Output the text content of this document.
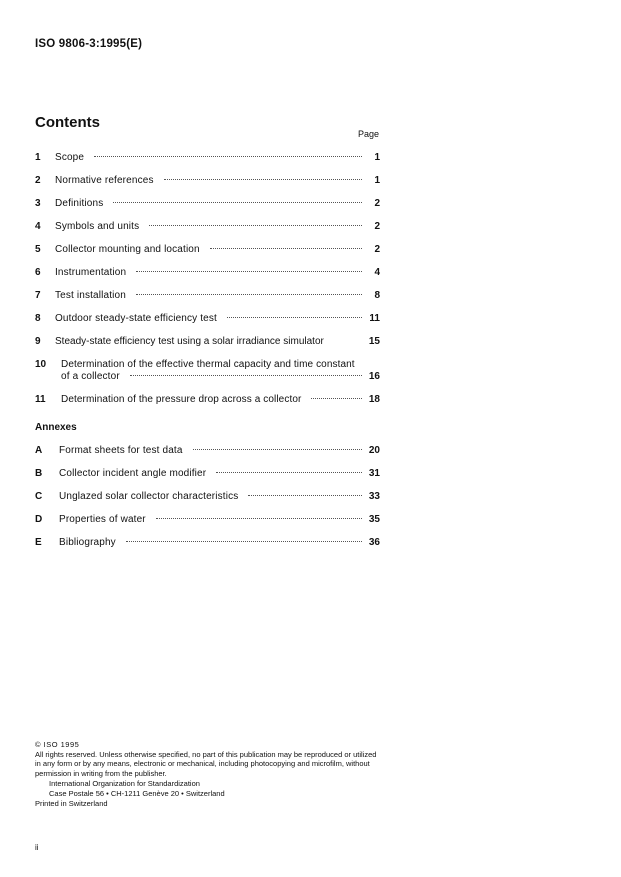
ISO 9806-3:1995(E)
Contents
Page
1	Scope	1
2	Normative references	1
3	Definitions	2
4	Symbols and units	2
5	Collector mounting and location	2
6	Instrumentation	4
7	Test installation	8
8	Outdoor steady-state efficiency test	11
9	Steady-state efficiency test using a solar irradiance simulator	15
10	Determination of the effective thermal capacity and time constant
of a collector	16
11	Determination of the pressure drop across a collector	18
Annexes
A	Format sheets for test data	20
B	Collector incident angle modifier	31
C	Unglazed solar collector characteristics	33
D	Properties of water	35
E	Bibliography	36
© ISO 1995
All rights reserved. Unless otherwise specified, no part of this publication may be reproduced or utilized in any form or by any means, electronic or mechanical, including photocopying and microfilm, without permission in writing from the publisher.
International Organization for Standardization
Case Postale 56 • CH-1211 Genève 20 • Switzerland
Printed in Switzerland
ii
